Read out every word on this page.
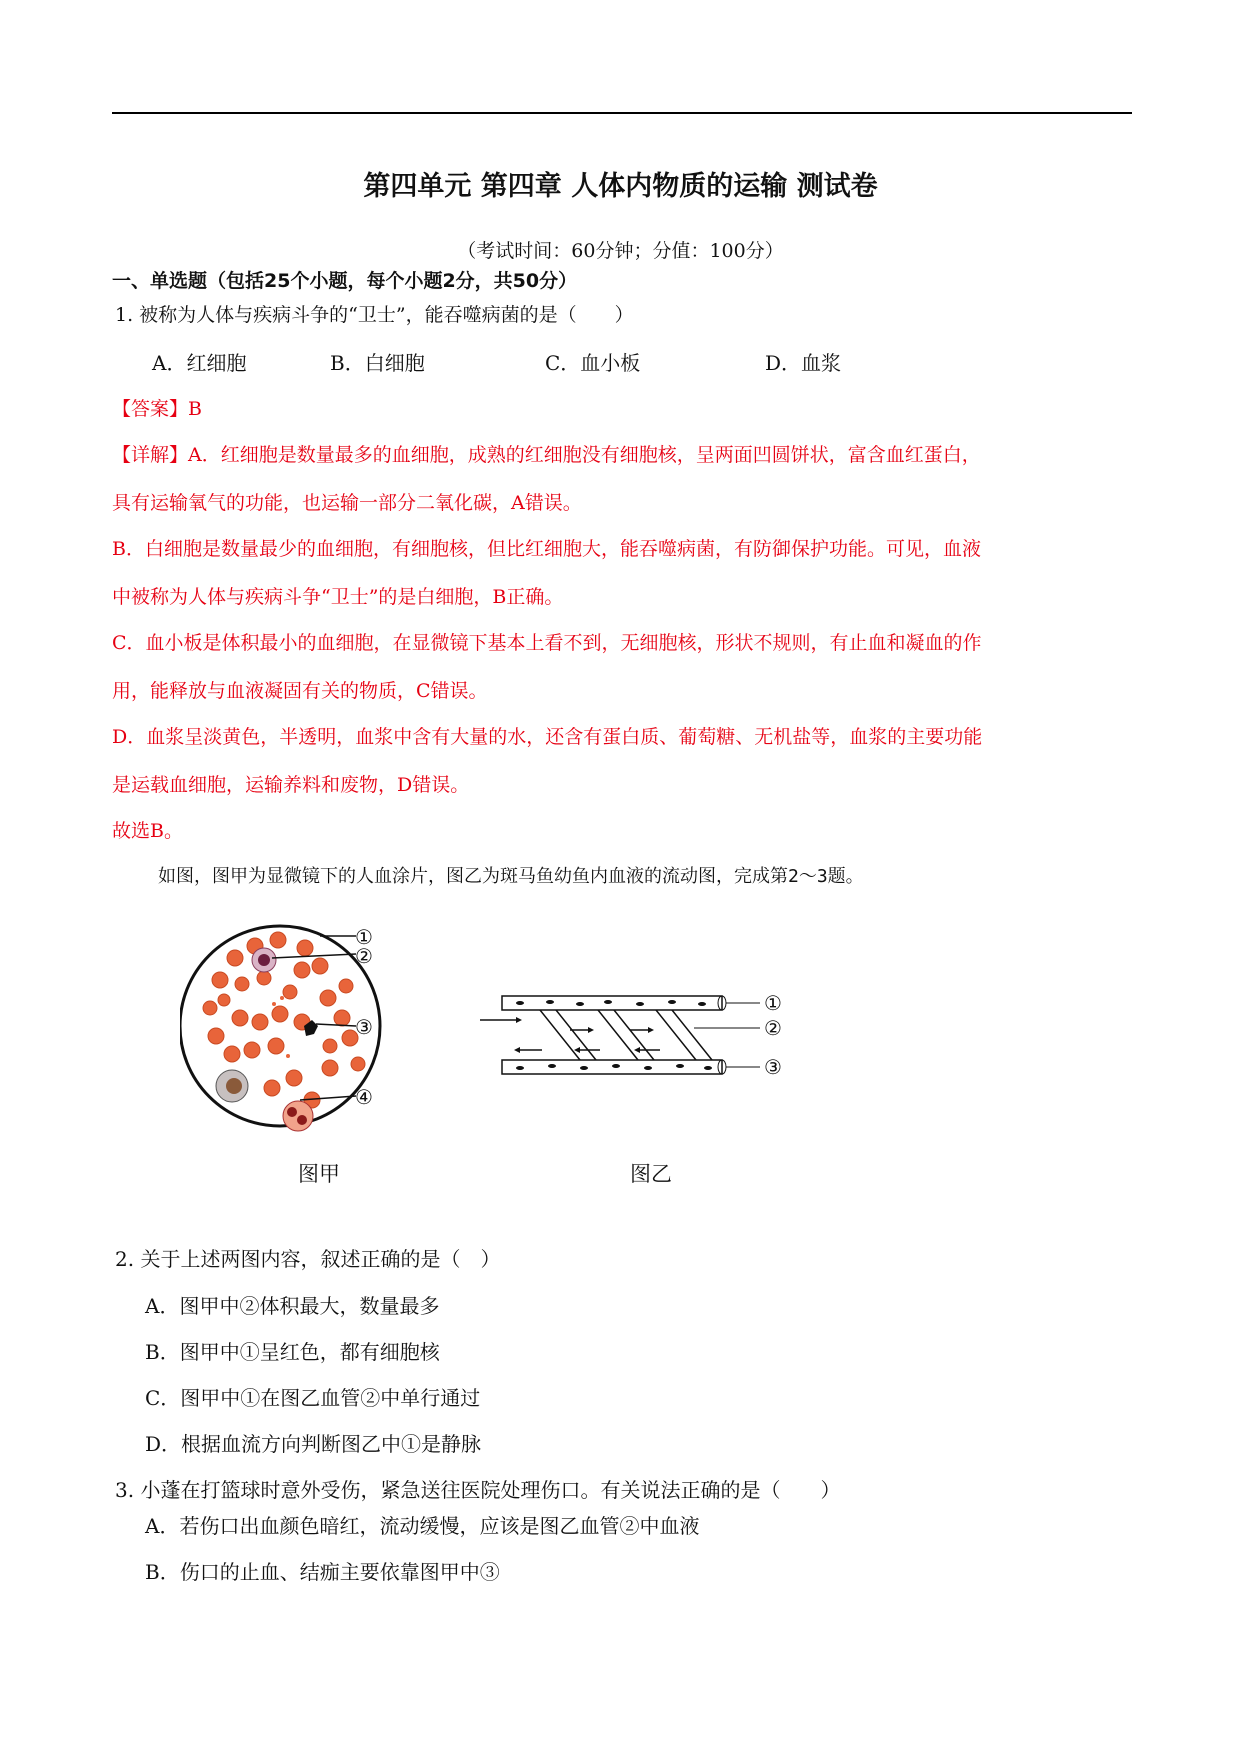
第四单元 第四章 人体内物质的运输 测试卷
（考试时间：60分钟；分值：100分）
一、单选题（包括25个小题，每个小题2分，共50分）
1. 被称为人体与疾病斗争的“卫士”，能吞噬病菌的是（　　）
A．红细胞	B．白细胞	C．血小板	D．血浆
【答案】B
【详解】A．红细胞是数量最多的血细胞，成熟的红细胞没有细胞核，呈两面凹圆饼状，富含血红蛋白，
具有运输氧气的功能，也运输一部分二氧化碳，A错误。
B．白细胞是数量最少的血细胞，有细胞核，但比红细胞大，能吞噬病菌，有防御保护功能。可见，血液
中被称为人体与疾病斗争“卫士”的是白细胞，B正确。
C．血小板是体积最小的血细胞，在显微镜下基本上看不到，无细胞核，形状不规则，有止血和凝血的作
用，能释放与血液凝固有关的物质，C错误。
D．血浆呈淡黄色，半透明，血浆中含有大量的水，还含有蛋白质、葡萄糖、无机盐等，血浆的主要功能
是运载血细胞，运输养料和废物，D错误。
故选B。
如图，图甲为显微镜下的人血涂片，图乙为斑马鱼幼鱼内血液的流动图，完成第2～3题。
①
②
③
④
①
②
③
图甲	图乙
2. 关于上述两图内容，叙述正确的是（　）
A．图甲中②体积最大，数量最多
B．图甲中①呈红色，都有细胞核
C．图甲中①在图乙血管②中单行通过
D．根据血流方向判断图乙中①是静脉
3. 小蓬在打篮球时意外受伤，紧急送往医院处理伤口。有关说法正确的是（　　）
A．若伤口出血颜色暗红，流动缓慢，应该是图乙血管②中血液
B．伤口的止血、结痂主要依靠图甲中③
